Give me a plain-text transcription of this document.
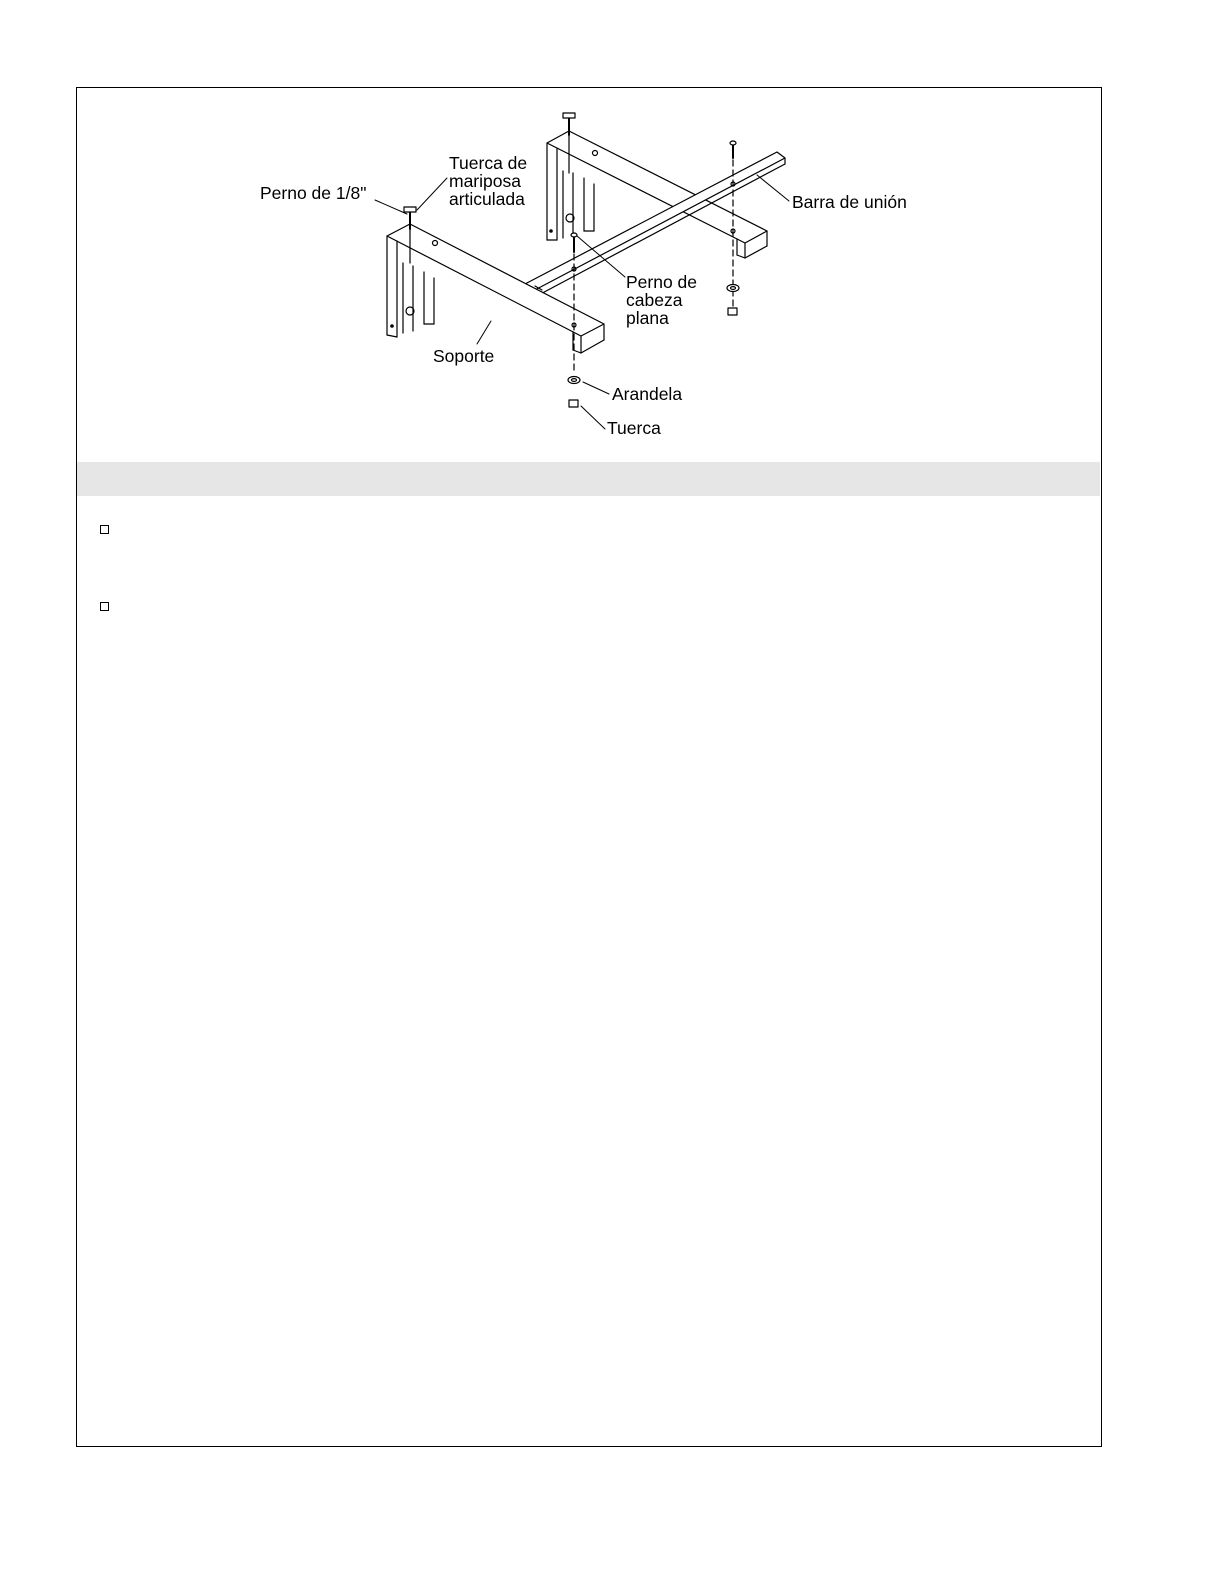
Perno de 1/8"
Tuerca de
mariposa
articulada	Barra de unión
Perno de
cabeza
plana
Soporte
Arandela
Tuerca
